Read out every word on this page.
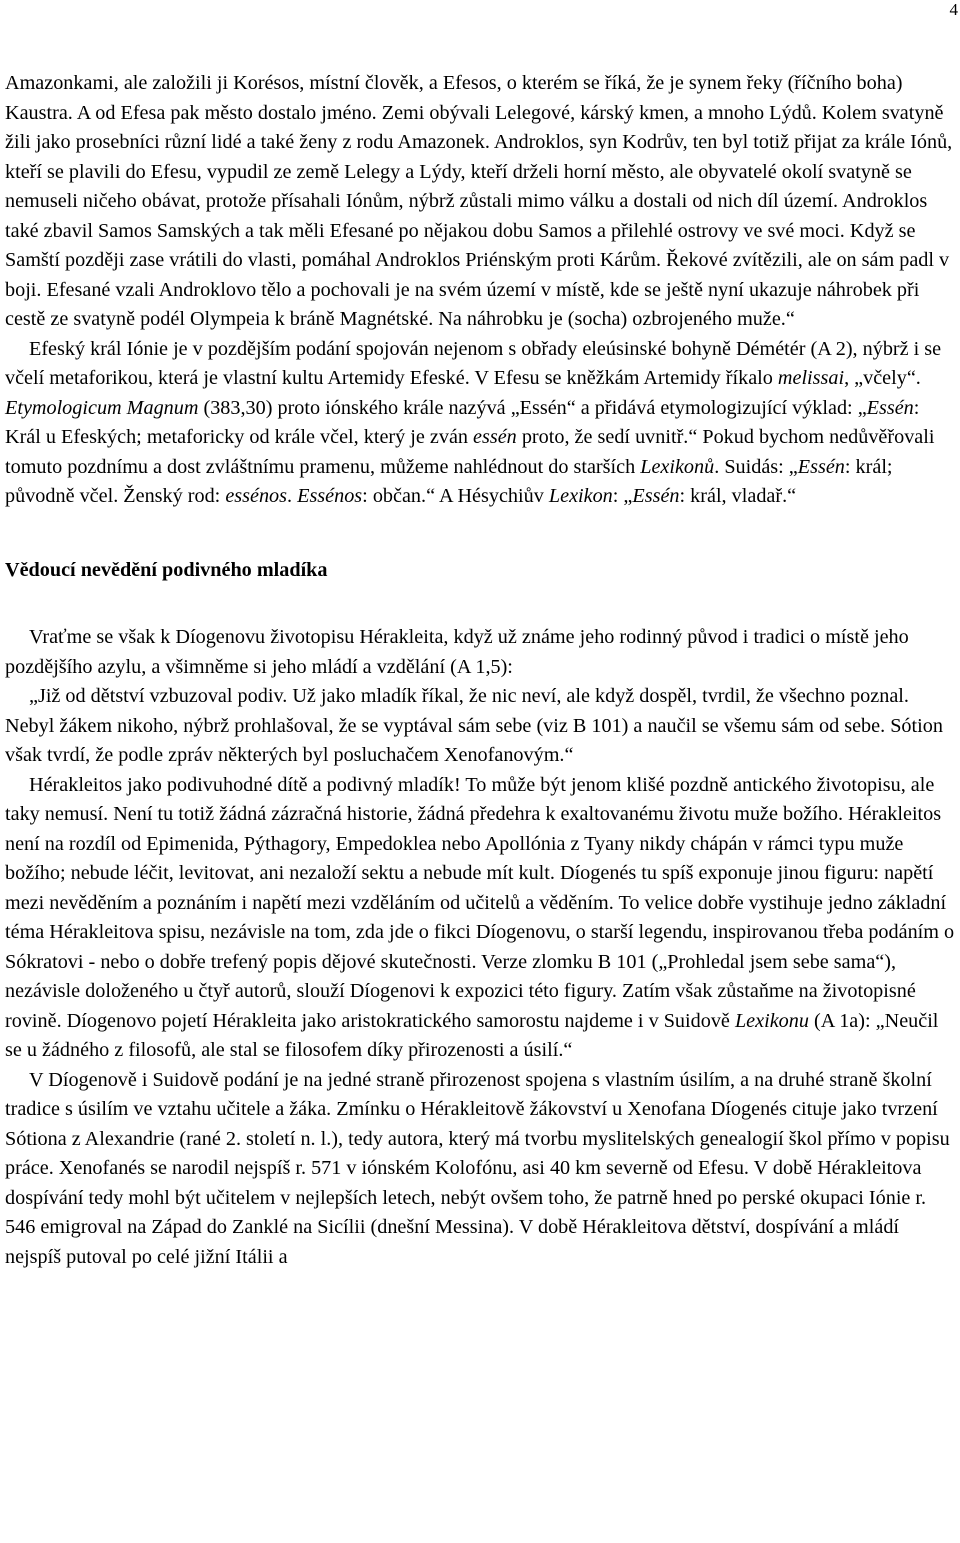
4

Amazonkami, ale založili ji Korésos, místní člověk, a Efesos, o kterém se říká, že je synem řeky (říčního boha) Kaustra. A od Efesa pak město dostalo jméno. Zemi obývali Lelegové, kárský kmen, a mnoho Lýdů. Kolem svatyně žili jako prosebníci různí lidé a také ženy z rodu Amazonek. Androklos, syn Kodrův, ten byl totiž přijat za krále Iónů, kteří se plavili do Efesu, vypudil ze země Lelegy a Lýdy, kteří drželi horní město, ale obyvatelé okolí svatyně se nemuseli ničeho obávat, protože přísahali Iónům, nýbrž zůstali mimo válku a dostali od nich díl území. Androklos také zbavil Samos Samských a tak měli Efesané po nějakou dobu Samos a přilehlé ostrovy ve své moci. Když se Samští později zase vrátili do vlasti, pomáhal Androklos Priénským proti Kárům. Řekové zvítězili, ale on sám padl v boji. Efesané vzali Androklovo tělo a pochovali je na svém území v místě, kde se ještě nyní ukazuje náhrobek při cestě ze svatyně podél Olympeia k bráně Magnétské. Na náhrobku je (socha) ozbrojeného muže.“

Efeský král Iónie je v pozdějším podání spojován nejenom s obřady eleúsinské bohyně Démétér (A 2), nýbrž i se včelí metaforikou, která je vlastní kultu Artemidy Efeské. V Efesu se kněžkám Artemidy říkalo melissai, „včely“. Etymologicum Magnum (383,30) proto iónského krále nazývá „Essén“ a přidává etymologizující výklad: „Essén: Král u Efeských; metaforicky od krále včel, který je zván essén proto, že sedí uvnitř.“ Pokud bychom nedůvěřovali tomuto pozdnímu a dost zvláštnímu pramenu, můžeme nahlédnout do starších Lexikonů. Suidás: „Essén: král; původně včel. Ženský rod: essénos. Essénos: občan.“ A Hésychiův Lexikon: „Essén: král, vladař.“

Vědoucí nevědění podivného mladíka

Vraťme se však k Díogenovu životopisu Hérakleita, když už známe jeho rodinný původ i tradici o místě jeho pozdějšího azylu, a všimněme si jeho mládí a vzdělání (A 1,5):

„Již od dětství vzbuzoval podiv. Už jako mladík říkal, že nic neví, ale když dospěl, tvrdil, že všechno poznal. Nebyl žákem nikoho, nýbrž prohlašoval, že se vyptával sám sebe (viz B 101) a naučil se všemu sám od sebe. Sótion však tvrdí, že podle zpráv některých byl posluchačem Xenofanovým.“

Hérakleitos jako podivuhodné dítě a podivný mladík! To může být jenom klišé pozdně antického životopisu, ale taky nemusí. Není tu totiž žádná zázračná historie, žádná předehra k exaltovanému životu muže božího. Hérakleitos není na rozdíl od Epimenida, Pýthagory, Empedoklea nebo Apollónia z Tyany nikdy chápán v rámci typu muže božího; nebude léčit, levitovat, ani nezaloží sektu a nebude mít kult. Díogenés tu spíš exponuje jinou figuru: napětí mezi nevěděním a poznáním i napětí mezi vzděláním od učitelů a věděním. To velice dobře vystihuje jedno základní téma Hérakleitova spisu, nezávisle na tom, zda jde o fikci Díogenovu, o starší legendu, inspirovanou třeba podáním o Sókratovi - nebo o dobře trefený popis dějové skutečnosti. Verze zlomku B 101 („Prohledal jsem sebe sama“), nezávisle doloženého u čtyř autorů, slouží Díogenovi k expozici této figury. Zatím však zůstaňme na životopisné rovině. Díogenovo pojetí Hérakleita jako aristokratického samorostu najdeme i v Suidově Lexikonu (A 1a): „Neučil se u žádného z filosofů, ale stal se filosofem díky přirozenosti a úsilí.“

V Díogenově i Suidově podání je na jedné straně přirozenost spojena s vlastním úsilím, a na druhé straně školní tradice s úsilím ve vztahu učitele a žáka. Zmínku o Hérakleitově žákovství u Xenofana Díogenés cituje jako tvrzení Sótiona z Alexandrie (rané 2. století n. l.), tedy autora, který má tvorbu myslitelských genealogií škol přímo v popisu práce. Xenofanés se narodil nejspíš r. 571 v iónském Kolofónu, asi 40 km severně od Efesu. V době Hérakleitova dospívání tedy mohl být učitelem v nejlepších letech, nebýt ovšem toho, že patrně hned po perské okupaci Iónie r. 546 emigroval na Západ do Zanklé na Sicílii (dnešní Messina). V době Hérakleitova dětství, dospívání a mládí nejspíš putoval po celé jižní Itálii a
